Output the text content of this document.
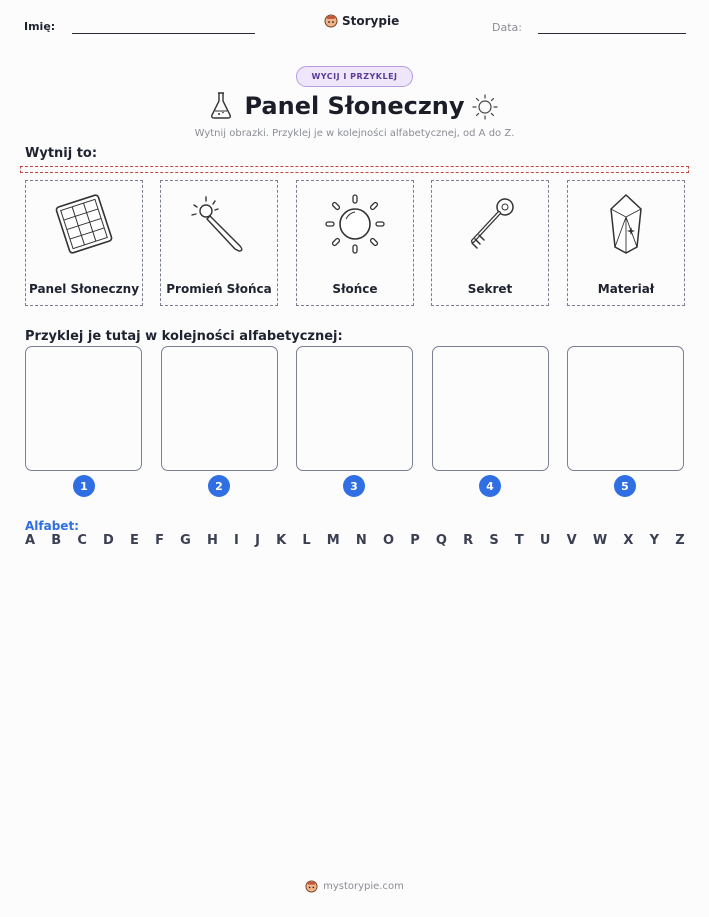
Imię:	Storypie	Data:
WYCIJ I PRZYKLEJ
Panel Słoneczny
Wytnij obrazki. Przyklej je w kolejności alfabetycznej, od A do Z.
Wytnij to:
Panel Słoneczny	Promień Słońca	Słońce	Sekret	Materiał
Przyklej je tutaj w kolejności alfabetycznej:
1	2	3	4	5
Alfabet:
A B C D E F G H I J K L M N O P Q R S T U V W X Y Z
mystorypie.com
